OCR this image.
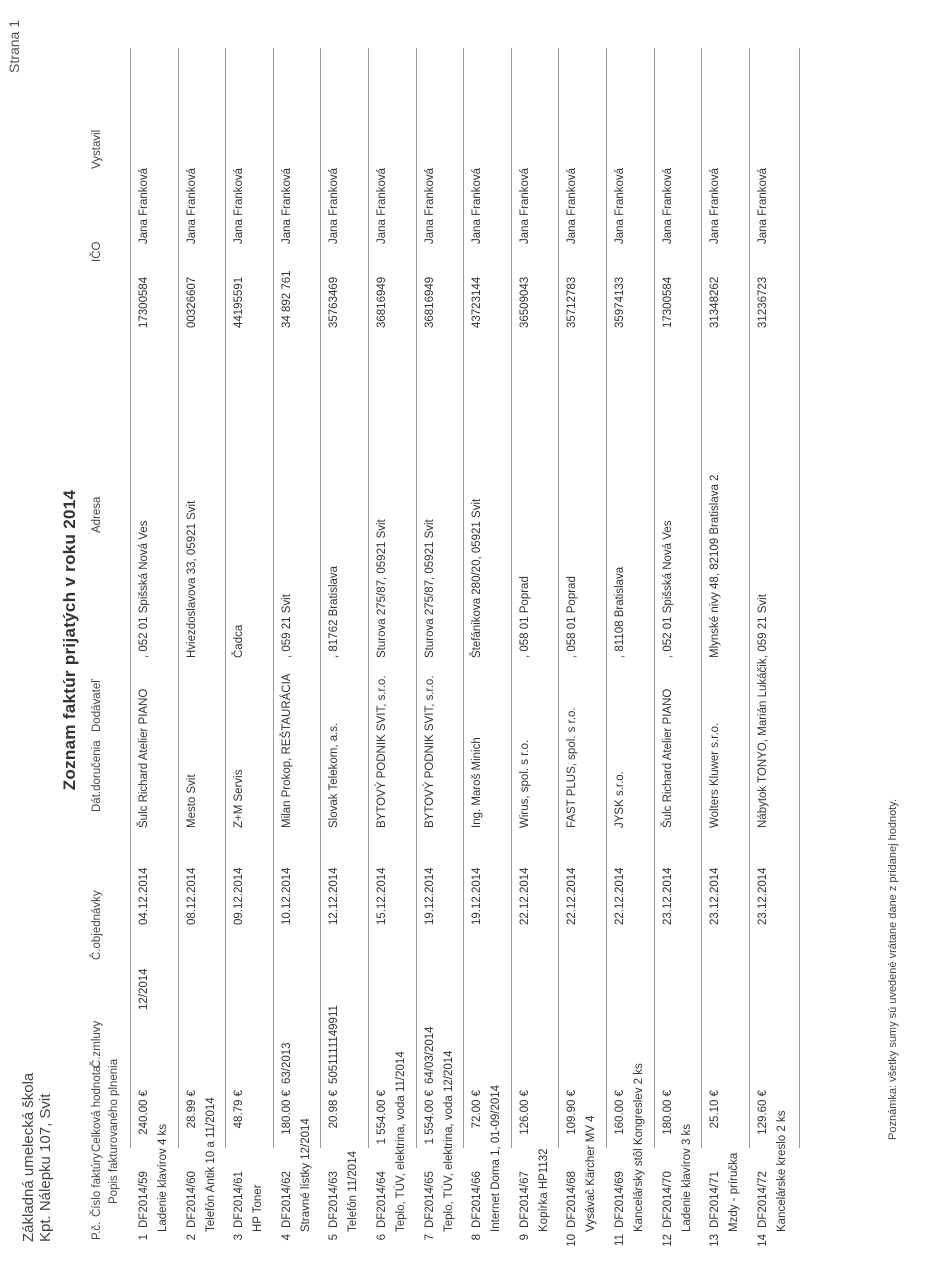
Základná umelecká škola Kpt. Nálepku 107, Svit
Strana 1
Zoznam faktúr prijatých v roku 2014
P.č.
Číslo faktúry
Celková hodnota
Č.zmluvy
Č.objednávky
Dát.doručenia
Dodávateľ
Adresa
IČO
Vystavil
Popis fakturovaného plnenia
1
DF2014/59
240.00 €
12/2014
04.12.2014
Šulc Richard Atelier PIANO
, 052 01 Spišská Nová Ves
17300584
Jana Franková
Ladenie klavírov 4 ks
2
DF2014/60
28.99 €
08.12.2014
Mesto Svit
Hviezdoslavova 33, 05921 Svit
00326607
Jana Franková
Telefón Antik 10 a 11/2014
3
DF2014/61
48.79 €
09.12.2014
Z+M Servis
Čadca
44195591
Jana Franková
HP Toner
4
DF2014/62
180.00 €
63/2013
10.12.2014
Milan Prokop, REŠTAURÁCIA
, 059 21 Svit
34 892 761
Jana Franková
Stravné lístky 12/2014
5
DF2014/63
20.98 €
5051111149911
12.12.2014
Slovak Telekom, a.s.
, 81762 Bratislava
35763469
Jana Franková
Telefón 11/2014
6
DF2014/64
1 554.00 €
15.12.2014
BYTOVÝ PODNIK SVIT, s.r.o.
Sturova 275/87, 05921 Svit
36816949
Jana Franková
Teplo, TÚV, elektrina, voda 11/2014
7
DF2014/65
1 554.00 €
64/03/2014
19.12.2014
BYTOVÝ PODNIK SVIT, s.r.o.
Sturova 275/87, 05921 Svit
36816949
Jana Franková
Teplo, TÚV, elektrina, voda 12/2014
8
DF2014/66
72.00 €
19.12.2014
Ing. Maroš Minich
Štefánikova 280/20, 05921 Svit
43723144
Jana Franková
Internet Doma 1, 01-09/2014
9
DF2014/67
126.00 €
22.12.2014
Wirus, spol. s r.o.
, 058 01 Poprad
36509043
Jana Franková
Kopírka HP1132
10
DF2014/68
109.90 €
22.12.2014
FAST PLUS, spol. s r.o.
, 058 01 Poprad
35712783
Jana Franková
Vysávač Kärcher MV 4
11
DF2014/69
160.00 €
22.12.2014
JYSK s.r.o.
, 81108 Bratislava
35974133
Jana Franková
Kancelársky stôl Kongreslev 2 ks
12
DF2014/70
180.00 €
23.12.2014
Šulc Richard Atelier PIANO
, 052 01 Spišská Nová Ves
17300584
Jana Franková
Ladenie klavírov 3 ks
13
DF2014/71
25.10 €
23.12.2014
Wolters Kluwer s.r.o.
Mlynské nivy 48, 82109 Bratislava 2
31348262
Jana Franková
Mzdy - príručka
14
DF2014/72
129.60 €
23.12.2014
Nábytok TONYO, Marián Lukáčik
, 059 21 Svit
31236723
Jana Franková
Kancelárske kreslo 2 ks
Poznámka: všetky sumy sú uvedené vrátane dane z pridanej hodnoty.
